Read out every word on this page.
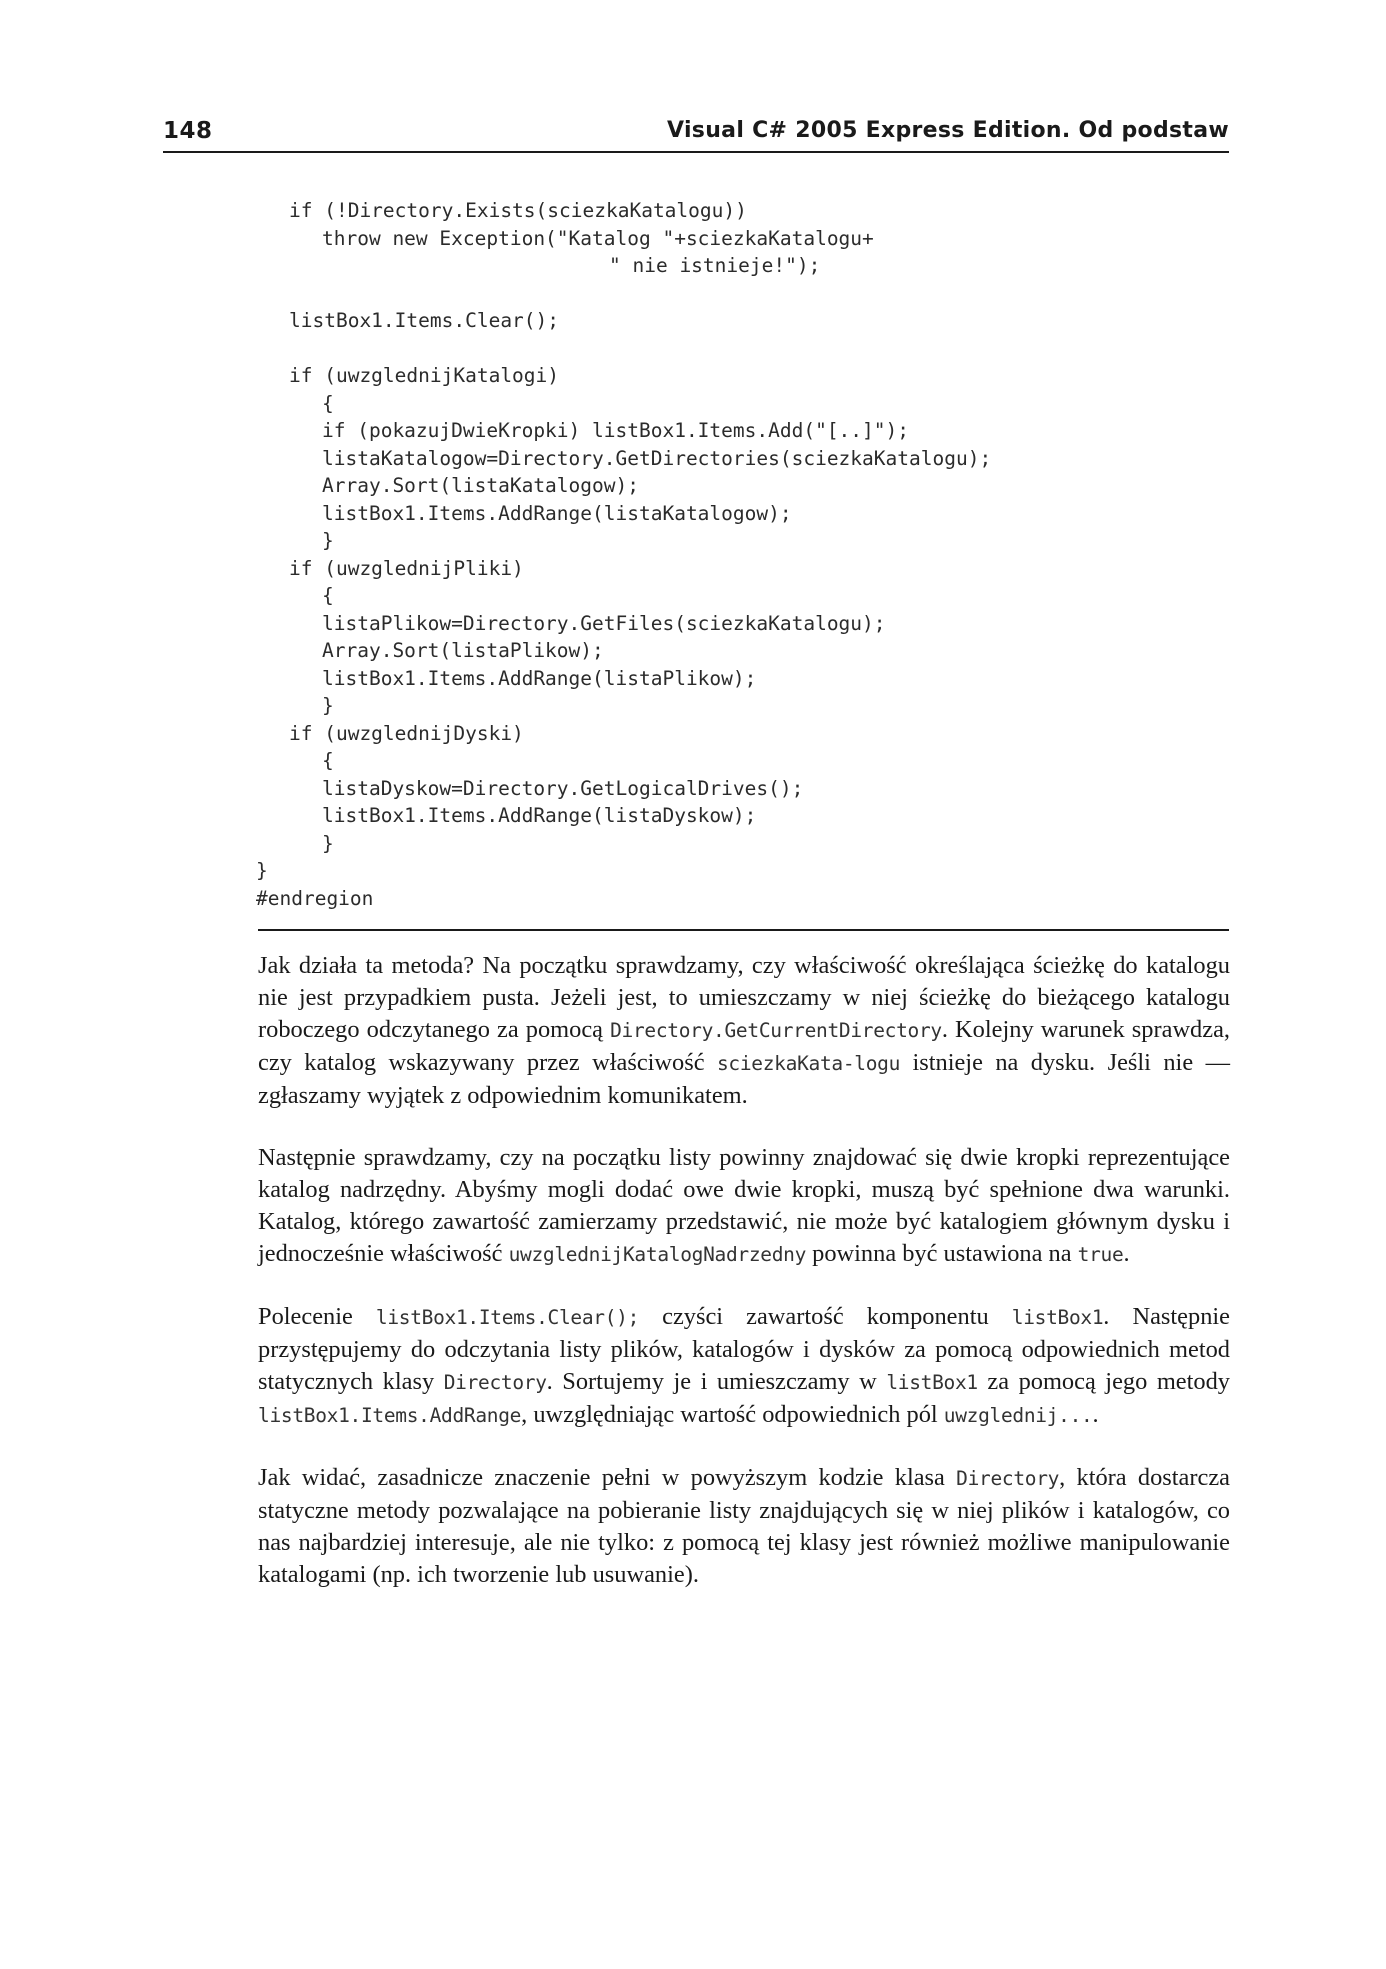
148	Visual C# 2005 Express Edition. Od podstaw
if (!Directory.Exists(sciezkaKatalogu))
throw new Exception("Katalog "+sciezkaKatalogu+
" nie istnieje!");
listBox1.Items.Clear();
if (uwzglednijKatalogi)
{
if (pokazujDwieKropki) listBox1.Items.Add("[..]");
listaKatalogow=Directory.GetDirectories(sciezkaKatalogu);
Array.Sort(listaKatalogow);
listBox1.Items.AddRange(listaKatalogow);
}
if (uwzglednijPliki)
{
listaPlikow=Directory.GetFiles(sciezkaKatalogu);
Array.Sort(listaPlikow);
listBox1.Items.AddRange(listaPlikow);
}
if (uwzglednijDyski)
{
listaDyskow=Directory.GetLogicalDrives();
listBox1.Items.AddRange(listaDyskow);
}
}
#endregion

Jak działa ta metoda? Na początku sprawdzamy, czy właściwość określająca ścieżkę do katalogu nie jest przypadkiem pusta. Jeżeli jest, to umieszczamy w niej ścieżkę do bieżącego katalogu roboczego odczytanego za pomocą Directory.GetCurrentDirectory. Kolejny warunek sprawdza, czy katalog wskazywany przez właściwość sciezkaKata-logu istnieje na dysku. Jeśli nie — zgłaszamy wyjątek z odpowiednim komunikatem.

Następnie sprawdzamy, czy na początku listy powinny znajdować się dwie kropki reprezentujące katalog nadrzędny. Abyśmy mogli dodać owe dwie kropki, muszą być spełnione dwa warunki. Katalog, którego zawartość zamierzamy przedstawić, nie może być katalogiem głównym dysku i jednocześnie właściwość uwzglednijKatalogNadrzedny powinna być ustawiona na true.

Polecenie listBox1.Items.Clear(); czyści zawartość komponentu listBox1. Następnie przystępujemy do odczytania listy plików, katalogów i dysków za pomocą odpowiednich metod statycznych klasy Directory. Sortujemy je i umieszczamy w listBox1 za pomocą jego metody listBox1.Items.AddRange, uwzględniając wartość odpowiednich pól uwzglednij....

Jak widać, zasadnicze znaczenie pełni w powyższym kodzie klasa Directory, która dostarcza statyczne metody pozwalające na pobieranie listy znajdujących się w niej plików i katalogów, co nas najbardziej interesuje, ale nie tylko: z pomocą tej klasy jest również możliwe manipulowanie katalogami (np. ich tworzenie lub usuwanie).
